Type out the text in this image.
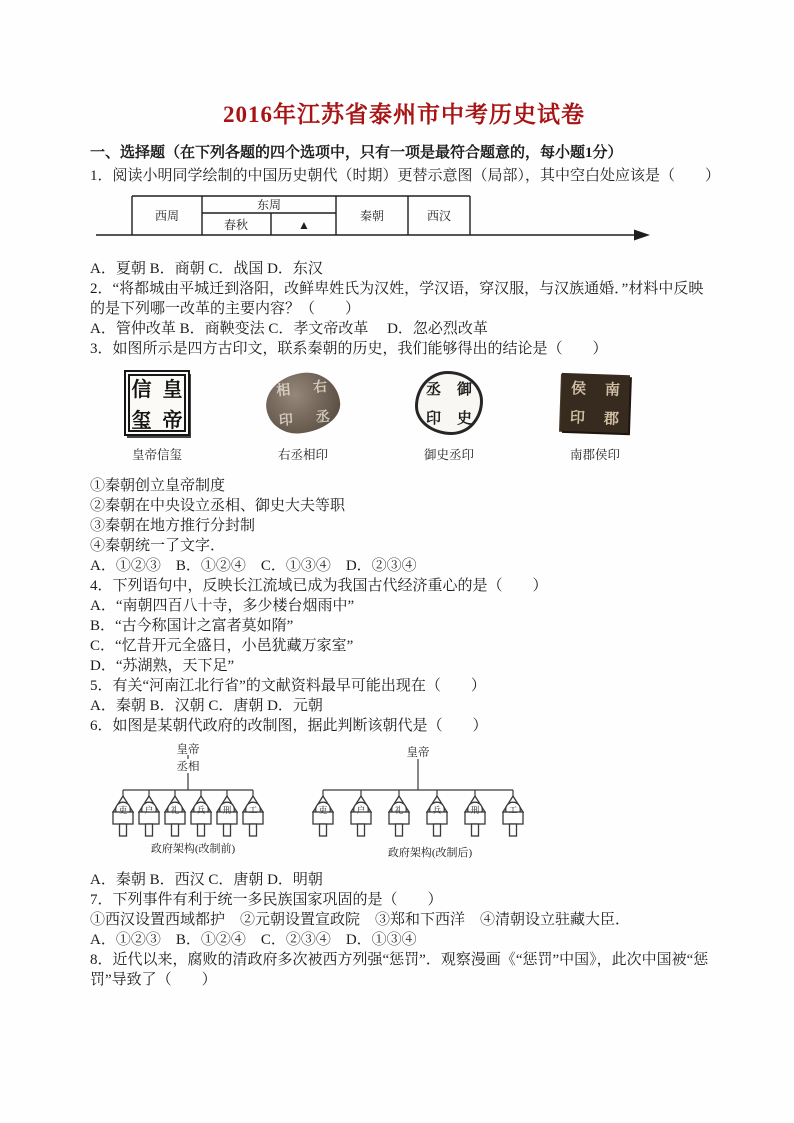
2016年江苏省泰州市中考历史试卷

一、选择题（在下列各题的四个选项中，只有一项是最符合题意的，每小题1分）

1．阅读小明同学绘制的中国历史朝代（时期）更替示意图（局部），其中空白处应该是（　　）

西周
东周
春秋	▲
秦朝	西汉

A．夏朝 B．商朝 C．战国 D．东汉

2．“将都城由平城迁到洛阳，改鲜卑姓氏为汉姓，学汉语，穿汉服，与汉族通婚．”材料中反映的是下列哪一改革的主要内容？（　　）

A．管仲改革 B．商鞅变法 C．孝文帝改革　 D．忽必烈改革

3．如图所示是四方古印文，联系秦朝的历史，我们能够得出的结论是（　　）

信 皇
玺 帝
皇帝信玺
相 右
印 丞
右丞相印
丞 御
印 史
御史丞印
侯 南
印 郡
南郡侯印

①秦朝创立皇帝制度

②秦朝在中央设立丞相、御史大夫等职

③秦朝在地方推行分封制

④秦朝统一了文字．

A．①②③　B．①②④　C．①③④　D．②③④

4．下列语句中，反映长江流域已成为我国古代经济重心的是（　　）

A．“南朝四百八十寺，多少楼台烟雨中”

B．“古今称国计之富者莫如隋”

C．“忆昔开元全盛日，小邑犹藏万家室”

D．“苏湖熟，天下足”

5．有关“河南江北行省”的文献资料最早可能出现在（　　）

A．秦朝 B．汉朝 C．唐朝 D．元朝

6．如图是某朝代政府的改制图，据此判断该朝代是（　　）

皇帝
丞相
吏 户 礼 兵 刑 工
政府架构(改制前)
皇帝
吏	户	礼	兵	刑	工
政府架构(改制后)

A．秦朝 B．西汉 C．唐朝 D．明朝

7．下列事件有利于统一多民族国家巩固的是（　　）

①西汉设置西域都护　②元朝设置宣政院　③郑和下西洋　④清朝设立驻藏大臣．

A．①②③　B．①②④　C．②③④　D．①③④

8．近代以来，腐败的清政府多次被西方列强“惩罚”．观察漫画《“惩罚”中国》，此次中国被“惩罚”导致了（　　）
